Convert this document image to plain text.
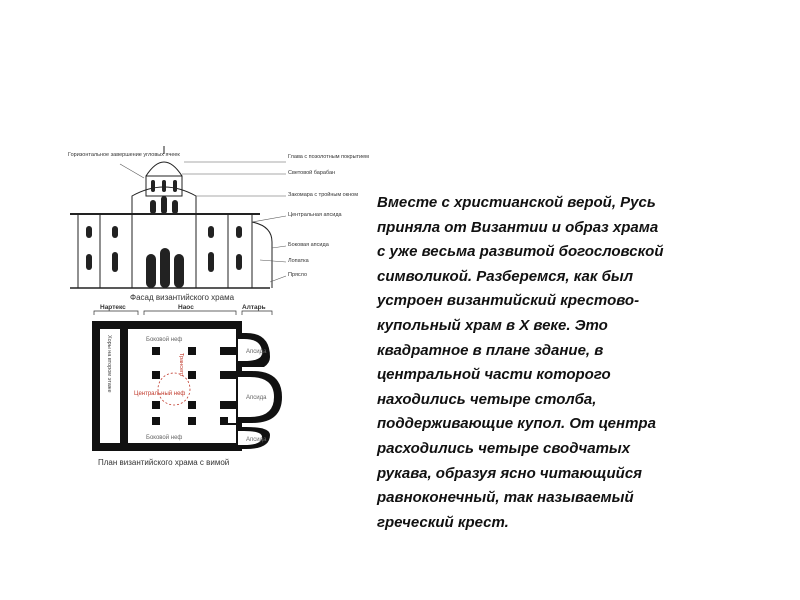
Горизонтальное завершение угловых ячеек	Глава с позолотным покрытием
Световой барабан
Закомара с тройным окном
Центральная апсида
Боковая апсида
Лопатка
Прясло
Фасад византийского храма
Нартекс	Наос	Алтарь
Боковой неф
Боковой неф
Апсида
Апсида
Апсида
Центральный неф
Трансепт
Хоры на втором этаже
План византийского храма с вимой

Вместе с христианской верой, Русь
приняла от Византии и образ храма
с уже весьма развитой богословской
символикой. Разберемся, как был
устроен византийский крестово-
купольный храм в X веке. Это
квадратное в плане здание, в
центральной части которого
находились четыре столба,
поддерживающие купол. От центра
расходились четыре сводчатых
рукава, образуя ясно читающийся
равноконечный, так называемый
греческий крест.
